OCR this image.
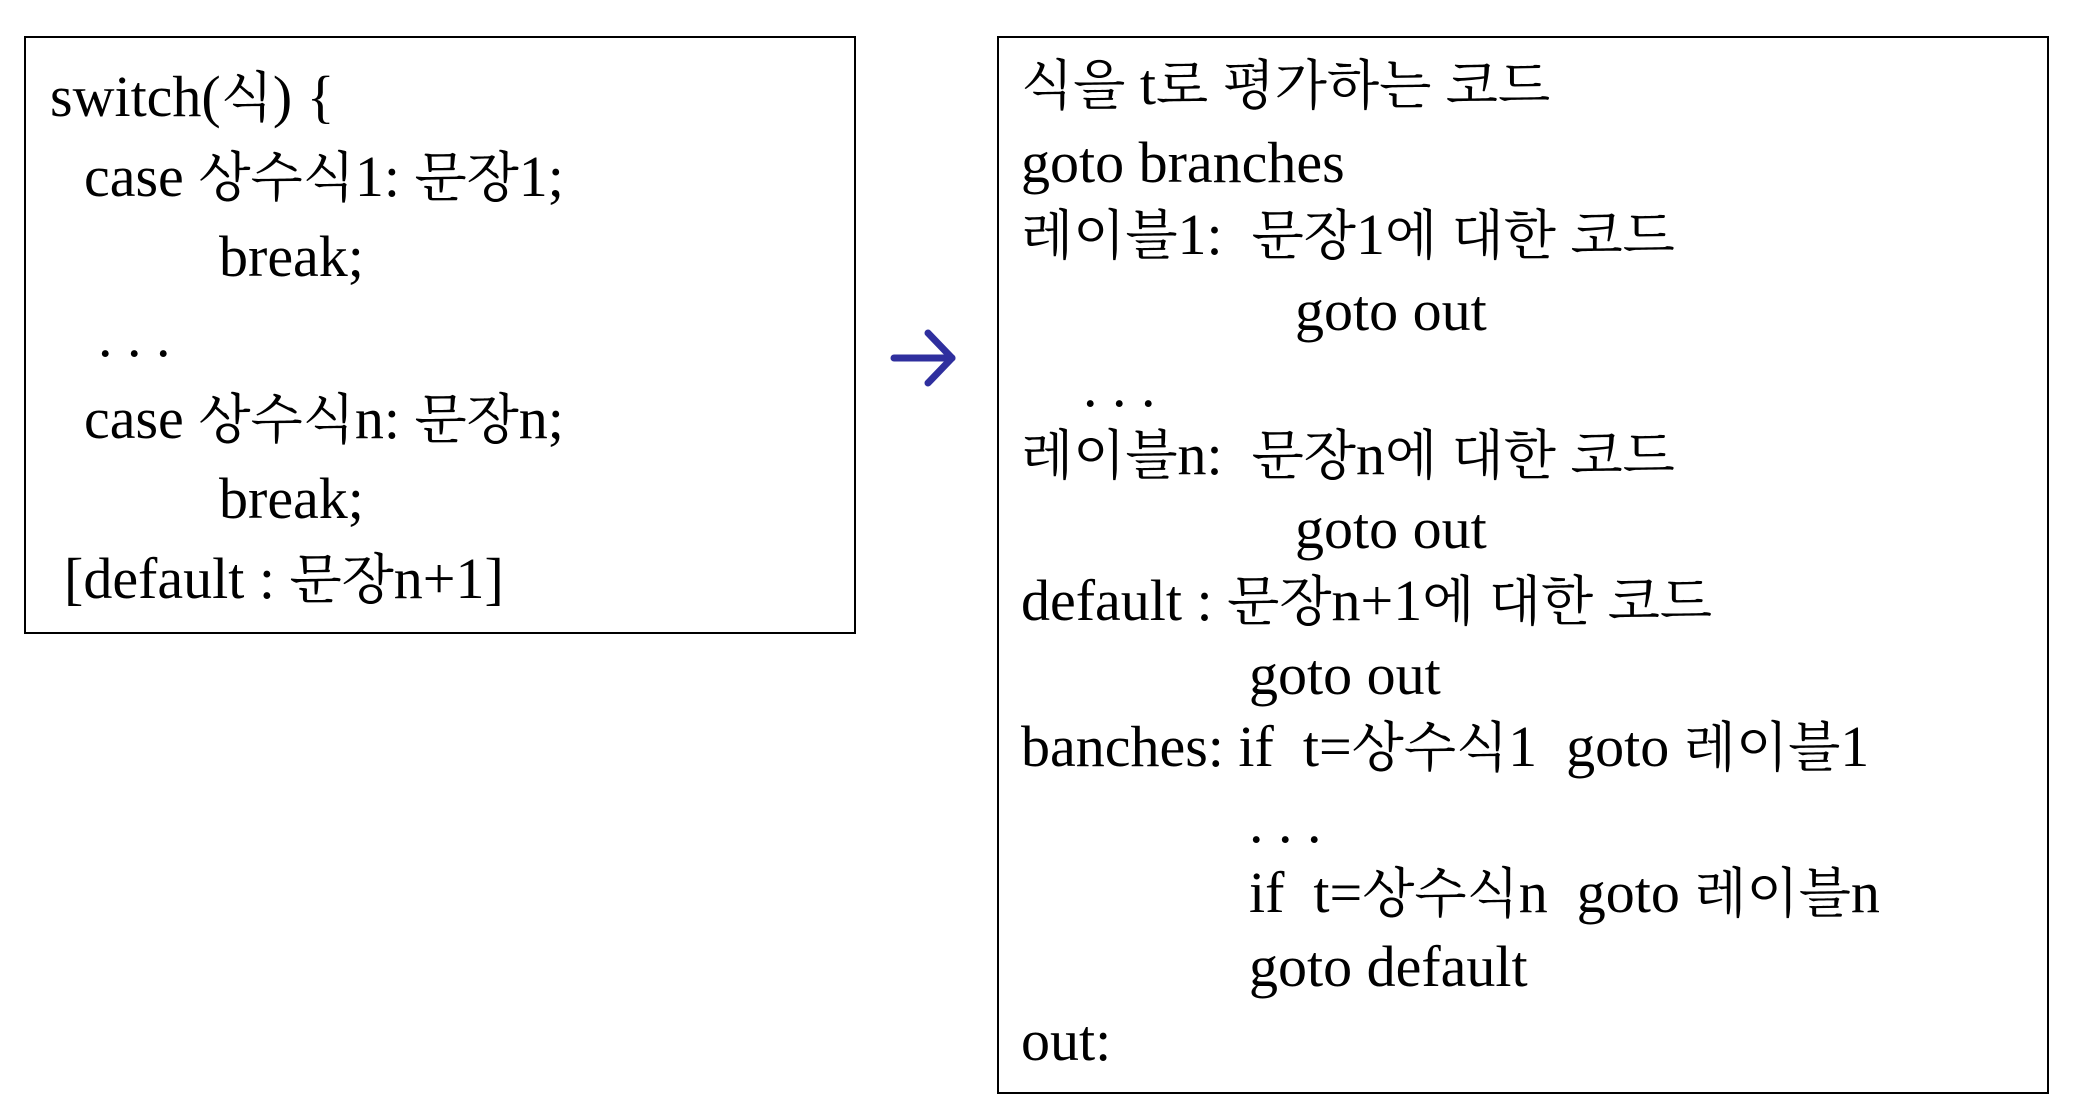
switch(식) {
case 상수식1: 문장1;
break;
. . .
case 상수식n: 문장n;
break;
[default : 문장n+1]
식을 t로 평가하는 코드
goto branches
레이블1:  문장1에 대한 코드
goto out
. . .
레이블n:  문장n에 대한 코드
goto out
default : 문장n+1에 대한 코드
goto out
banches: if  t=상수식1  goto 레이블1
. . .
if  t=상수식n  goto 레이블n
goto default
out:
